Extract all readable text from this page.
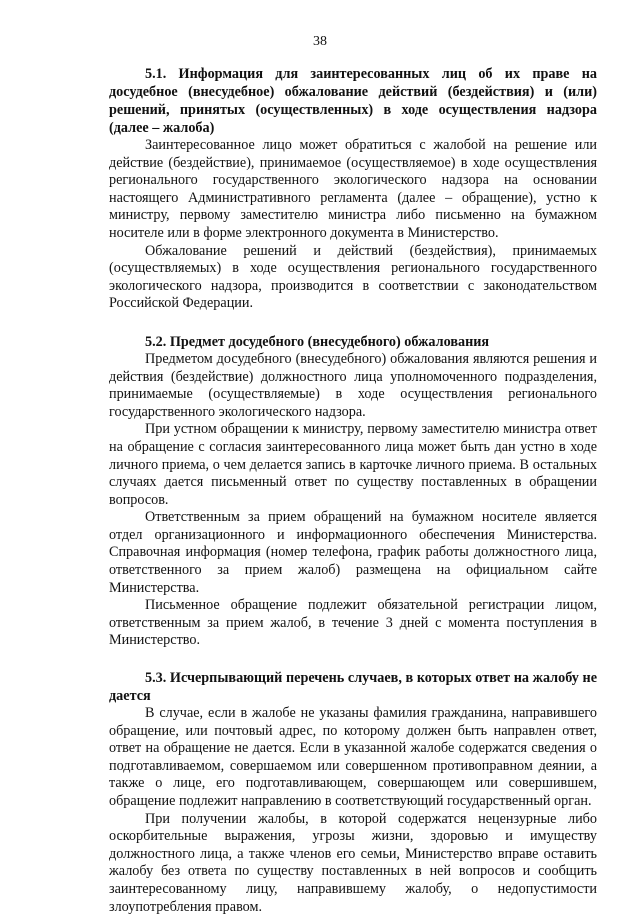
38
5.1. Информация для заинтересованных лиц об их праве на досудебное (внесудебное) обжалование действий (бездействия) и (или) решений, принятых (осуществленных) в ходе осуществления надзора (далее – жалоба)

Заинтересованное лицо может обратиться с жалобой на решение или действие (бездействие), принимаемое (осуществляемое) в ходе осуществления регионального государственного экологического надзора на основании настоящего Административного регламента (далее – обращение), устно к министру, первому заместителю министра либо письменно на бумажном носителе или в форме электронного документа в Министерство.

Обжалование решений и действий (бездействия), принимаемых (осуществляемых) в ходе осуществления регионального государственного экологического надзора, производится в соответствии с законодательством Российской Федерации.

5.2. Предмет досудебного (внесудебного) обжалования

Предметом досудебного (внесудебного) обжалования являются решения и действия (бездействие) должностного лица уполномоченного подразделения, принимаемые (осуществляемые) в ходе осуществления регионального государственного экологического надзора.

При устном обращении к министру, первому заместителю министра ответ на обращение с согласия заинтересованного лица может быть дан устно в ходе личного приема, о чем делается запись в карточке личного приема. В остальных случаях дается письменный ответ по существу поставленных в обращении вопросов.

Ответственным за прием обращений на бумажном носителе является отдел организационного и информационного обеспечения Министерства. Справочная информация (номер телефона, график работы должностного лица, ответственного за прием жалоб) размещена на официальном сайте Министерства.

Письменное обращение подлежит обязательной регистрации лицом, ответственным за прием жалоб, в течение 3 дней с момента поступления в Министерство.

5.3. Исчерпывающий перечень случаев, в которых ответ на жалобу не дается

В случае, если в жалобе не указаны фамилия гражданина, направившего обращение, или почтовый адрес, по которому должен быть направлен ответ, ответ на обращение не дается. Если в указанной жалобе содержатся сведения о подготавливаемом, совершаемом или совершенном противоправном деянии, а также о лице, его подготавливающем, совершающем или совершившем, обращение подлежит направлению в соответствующий государственный орган.

При получении жалобы, в которой содержатся нецензурные либо оскорбительные выражения, угрозы жизни, здоровью и имуществу должностного лица, а также членов его семьи, Министерство вправе оставить жалобу без ответа по существу поставленных в ней вопросов и сообщить заинтересованному лицу, направившему жалобу, о недопустимости злоупотребления правом.
